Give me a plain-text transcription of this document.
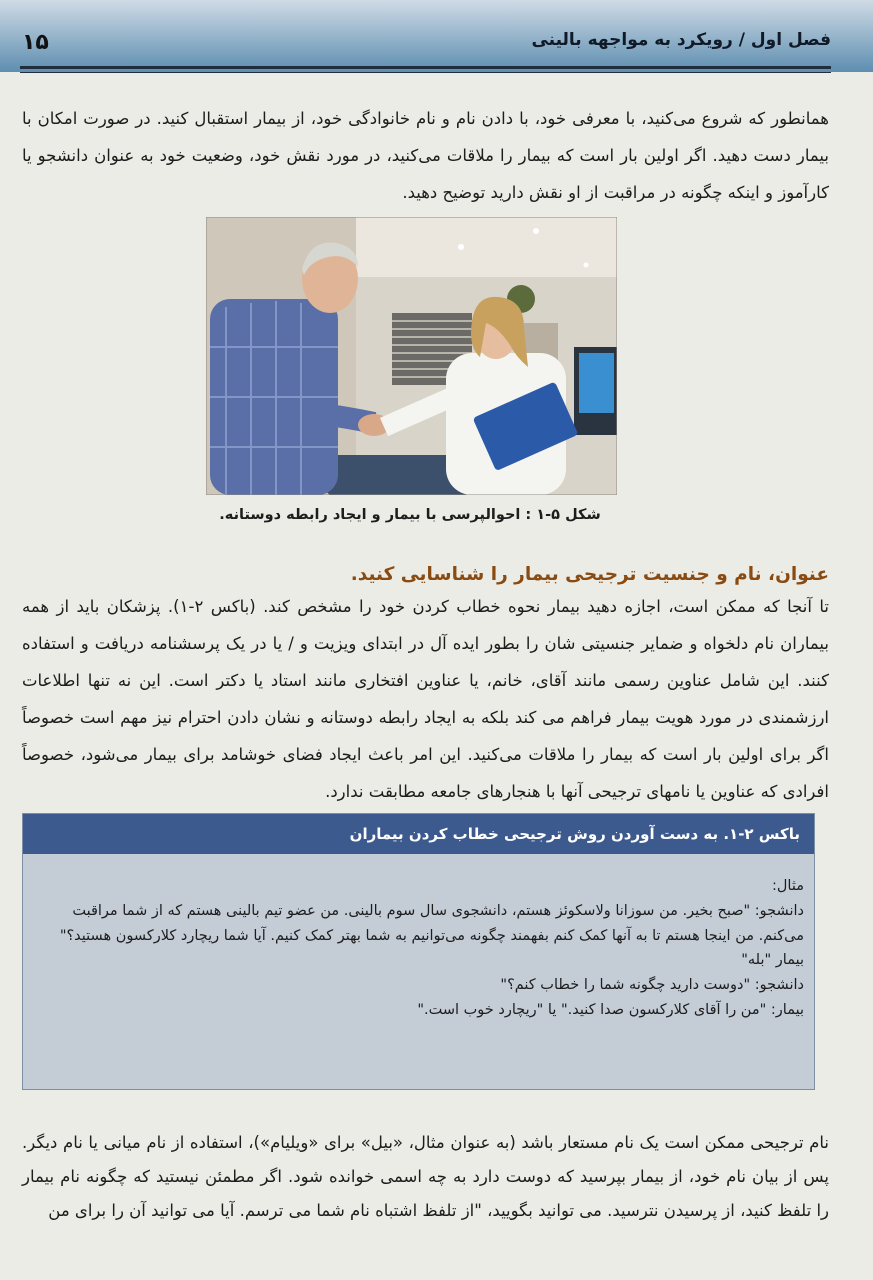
فصل اول / رویکرد به مواجهه بالینی
۱۵
همانطور که شروع می‌کنید، با معرفی خود، با دادن نام و نام خانوادگی خود، از بیمار استقبال کنید. در صورت امکان با بیمار دست دهید. اگر اولین بار است که بیمار را ملاقات می‌کنید، در مورد نقش خود، وضعیت خود به عنوان دانشجو یا کارآموز و اینکه چگونه در مراقبت از او نقش دارید توضیح دهید.
شکل ۵-۱ : احوالپرسی با بیمار و ایجاد رابطه دوستانه.
عنوان، نام و جنسیت ترجیحی بیمار را شناسایی کنید.
تا آنجا که ممکن است، اجازه دهید بیمار نحوه خطاب کردن خود را مشخص کند. (باکس ۲-۱). پزشکان باید از همه بیماران نام دلخواه و ضمایر جنسیتی شان را بطور ایده آل در ابتدای ویزیت و / یا در یک پرسشنامه دریافت و استفاده کنند. این شامل عناوین رسمی مانند آقای، خانم، یا عناوین افتخاری مانند استاد یا دکتر است. این نه تنها اطلاعات ارزشمندی در مورد هویت بیمار فراهم می کند بلکه به ایجاد رابطه دوستانه و نشان دادن احترام نیز مهم است خصوصاً اگر برای اولین بار است که بیمار را ملاقات می‌کنید. این امر باعث ایجاد فضای خوشامد برای بیمار می‌شود، خصوصاً افرادی که عناوین یا نامهای ترجیحی آنها با هنجارهای جامعه مطابقت ندارد.
باکس ۲-۱. به دست آوردن روش ترجیحی خطاب کردن بیماران
مثال:
دانشجو: "صبح بخیر. من سوزانا ولاسکوئز هستم، دانشجوی سال سوم بالینی. من عضو تیم بالینی هستم که از شما مراقبت می‌کنم. من اینجا هستم تا به آنها کمک کنم بفهمند چگونه می‌توانیم به شما بهتر کمک کنیم. آیا شما ریچارد کلارکسون هستید؟"
بیمار "بله"
دانشجو: "دوست دارید چگونه شما را خطاب کنم؟"
بیمار: "من را آقای کلارکسون صدا کنید." یا "ریچارد خوب است."
نام ترجیحی ممکن است یک نام مستعار باشد (به عنوان مثال، «بیل» برای «ویلیام»)، استفاده از نام میانی یا نام دیگر. پس از بیان نام خود، از بیمار بپرسید که دوست دارد به چه اسمی خوانده شود. اگر مطمئن نیستید که چگونه نام بیمار را تلفظ کنید، از پرسیدن نترسید. می توانید بگویید، "از تلفظ اشتباه نام شما می ترسم. آیا می توانید آن را برای من
